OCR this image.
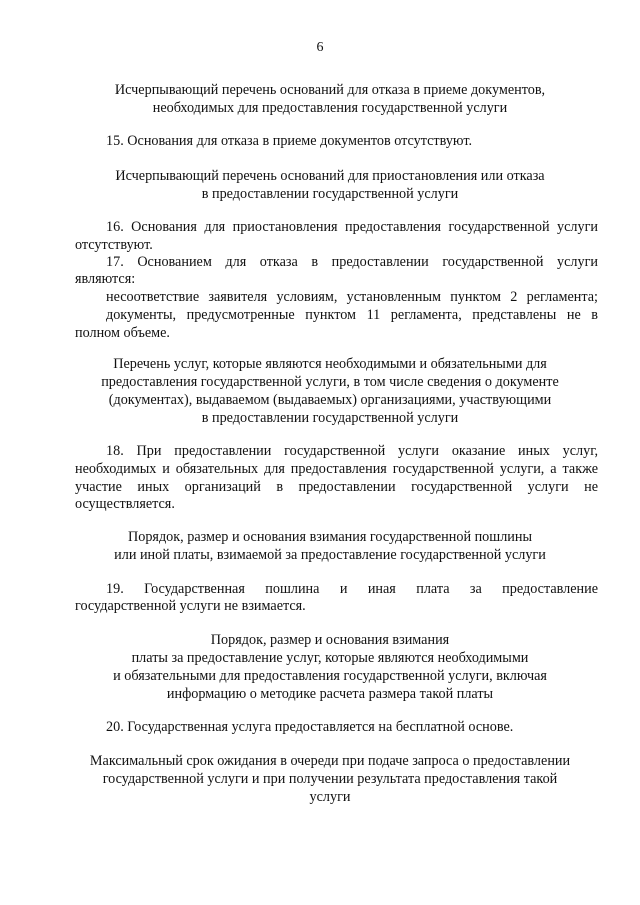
6

Исчерпывающий перечень оснований для отказа в приеме документов,

необходимых для предоставления государственной услуги

15. Основания для отказа в приеме документов отсутствуют.

Исчерпывающий перечень оснований для приостановления или отказа

в предоставлении государственной услуги

16. Основания для приостановления предоставления государственной услуги

отсутствуют.

17. Основанием для отказа в предоставлении государственной услуги

являются:

несоответствие заявителя условиям, установленным пунктом 2 регламента;

документы, предусмотренные пунктом 11 регламента, представлены не в

полном объеме.

Перечень услуг, которые являются необходимыми и обязательными для

предоставления государственной услуги, в том числе сведения о документе

(документах), выдаваемом (выдаваемых) организациями, участвующими

в предоставлении государственной услуги

18. При предоставлении государственной услуги оказание иных услуг,

необходимых и обязательных для предоставления государственной услуги, а также

участие иных организаций в предоставлении государственной услуги не

осуществляется.

Порядок, размер и основания взимания государственной пошлины

или иной платы, взимаемой за предоставление государственной услуги

19. Государственная пошлина и иная плата за предоставление

государственной услуги не взимается.

Порядок, размер и основания взимания

платы за предоставление услуг, которые являются необходимыми

и обязательными для предоставления государственной услуги, включая

информацию о методике расчета размера такой платы

20. Государственная услуга предоставляется на бесплатной основе.

Максимальный срок ожидания в очереди при подаче запроса о предоставлении

государственной услуги и при получении результата предоставления такой

услуги
